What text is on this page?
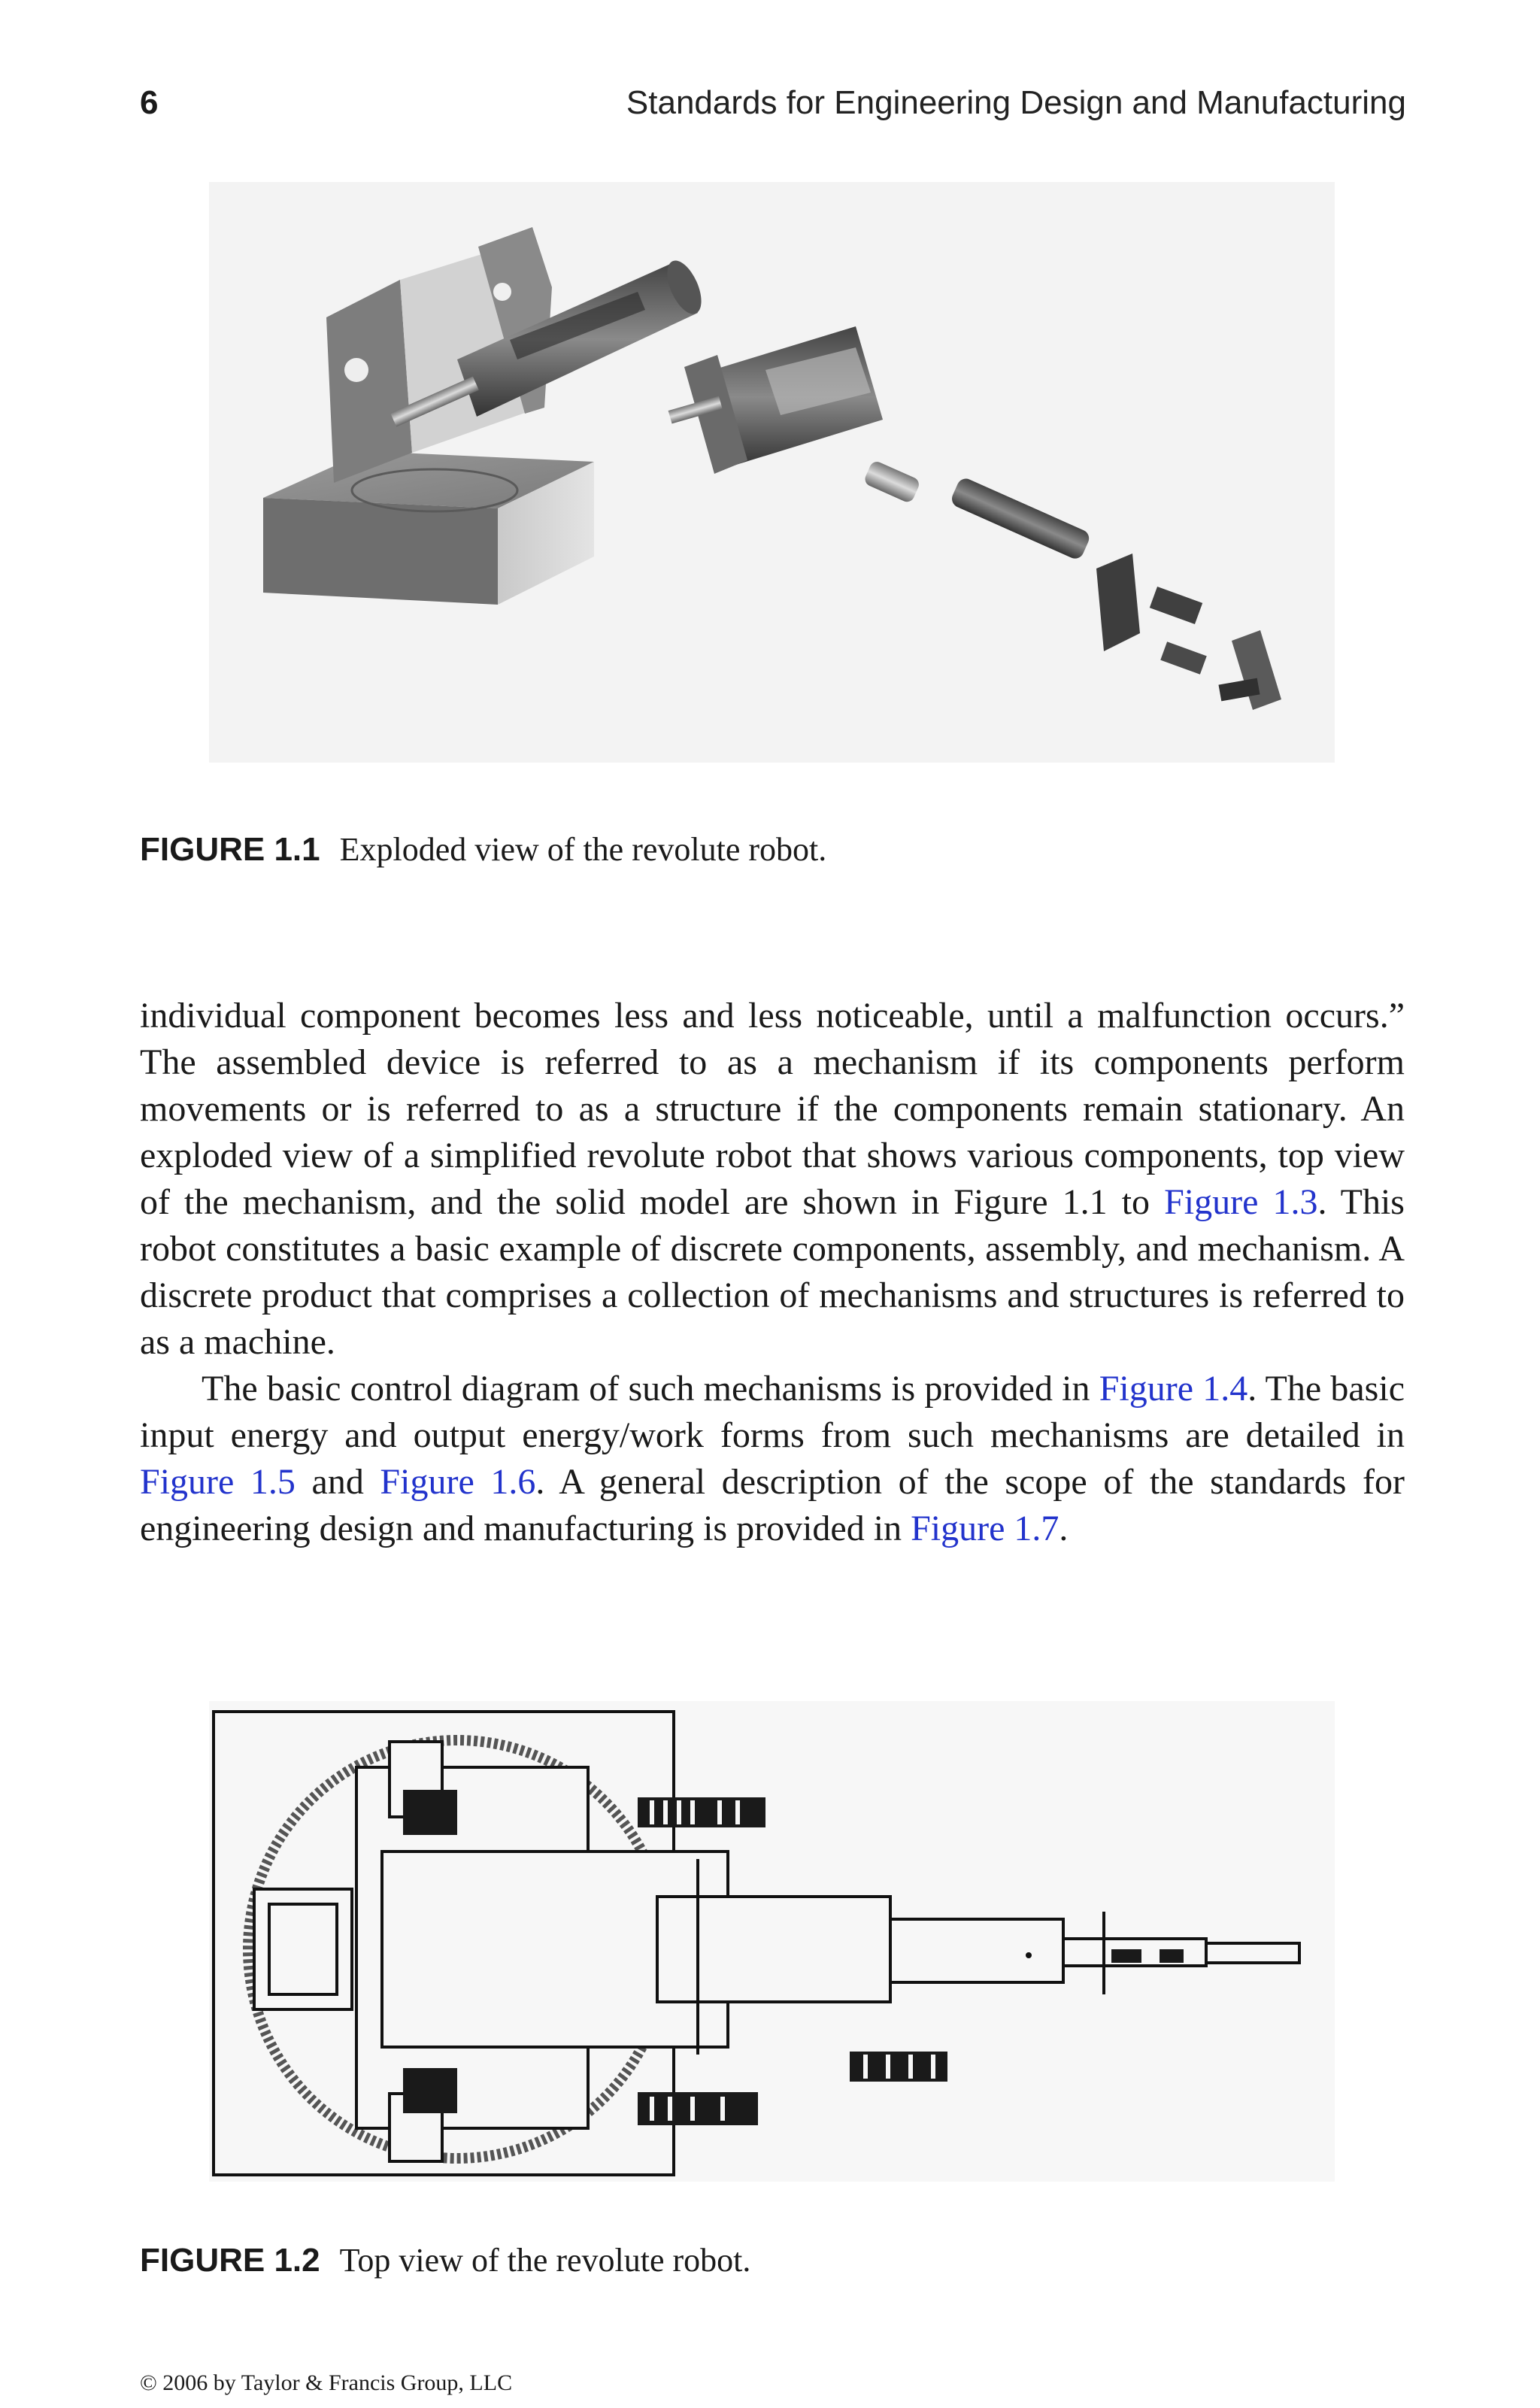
6	Standards for Engineering Design and Manufacturing
FIGURE 1.1 Exploded view of the revolute robot.

individual component becomes less and less noticeable, until a malfunction occurs.” The assembled device is referred to as a mechanism if its components perform movements or is referred to as a structure if the components remain stationary. An exploded view of a simplified revolute robot that shows various components, top view of the mechanism, and the solid model are shown in Figure 1.1 to Figure 1.3. This robot constitutes a basic example of discrete components, assembly, and mechanism. A discrete product that comprises a collection of mechanisms and structures is referred to as a machine.

The basic control diagram of such mechanisms is provided in Figure 1.4. The basic input energy and output energy/work forms from such mechanisms are detailed in Figure 1.5 and Figure 1.6. A general description of the scope of the standards for engineering design and manufacturing is provided in Figure 1.7.

FIGURE 1.2 Top view of the revolute robot.
© 2006 by Taylor & Francis Group, LLC
